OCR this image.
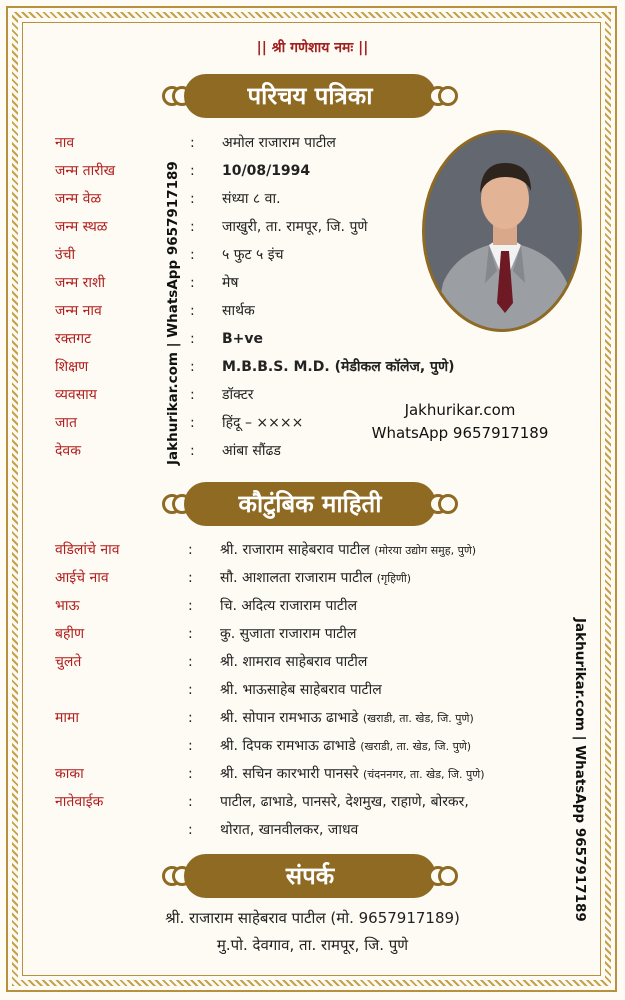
|| श्री गणेशाय नमः ||
परिचय पत्रिका
नाव	: अमोल राजाराम पाटील
जन्म तारीख	: 10/08/1994
जन्म वेळ	: संध्या ८ वा.
जन्म स्थळ	: जाखुरी, ता. रामपूर, जि. पुणे
उंची	: ५ फुट ५ इंच
जन्म राशी	: मेष
जन्म नाव	: सार्थक
रक्तगट	: B+ve
शिक्षण	: M.B.B.S. M.D. (मेडीकल कॉलेज, पुणे)
व्यवसाय	: डॉक्टर
जात	: हिंदू – ××××
देवक	: आंबा सौंढड
Jakhurikar.com | WhatsApp 9657917189	Jakhurikar.com
WhatsApp 9657917189
कौटुंबिक माहिती
वडिलांचे नाव	: श्री. राजाराम साहेबराव पाटील (मोरया उद्योग समुह, पुणे)
आईचे नाव	: सौ. आशालता राजाराम पाटील (गृहिणी)
भाऊ	: चि. अदित्य राजाराम पाटील
बहीण	: कु. सुजाता राजाराम पाटील
चुलते	: श्री. शामराव साहेबराव पाटील
: श्री. भाऊसाहेब साहेबराव पाटील
मामा	: श्री. सोपान रामभाऊ ढाभाडे (खराडी, ता. खेड, जि. पुणे)
: श्री. दिपक रामभाऊ ढाभाडे (खराडी, ता. खेड, जि. पुणे)
काका	: श्री. सचिन कारभारी पानसरे (चंदननगर, ता. खेड, जि. पुणे)
नातेवाईक	: पाटील, ढाभाडे, पानसरे, देशमुख, राहाणे, बोरकर,
: थोरात, खानवीलकर, जाधव	Jakhurikar.com | WhatsApp 9657917189
संपर्क
श्री. राजाराम साहेबराव पाटील (मो. 9657917189)
मु.पो. देवगाव, ता. रामपूर, जि. पुणे
